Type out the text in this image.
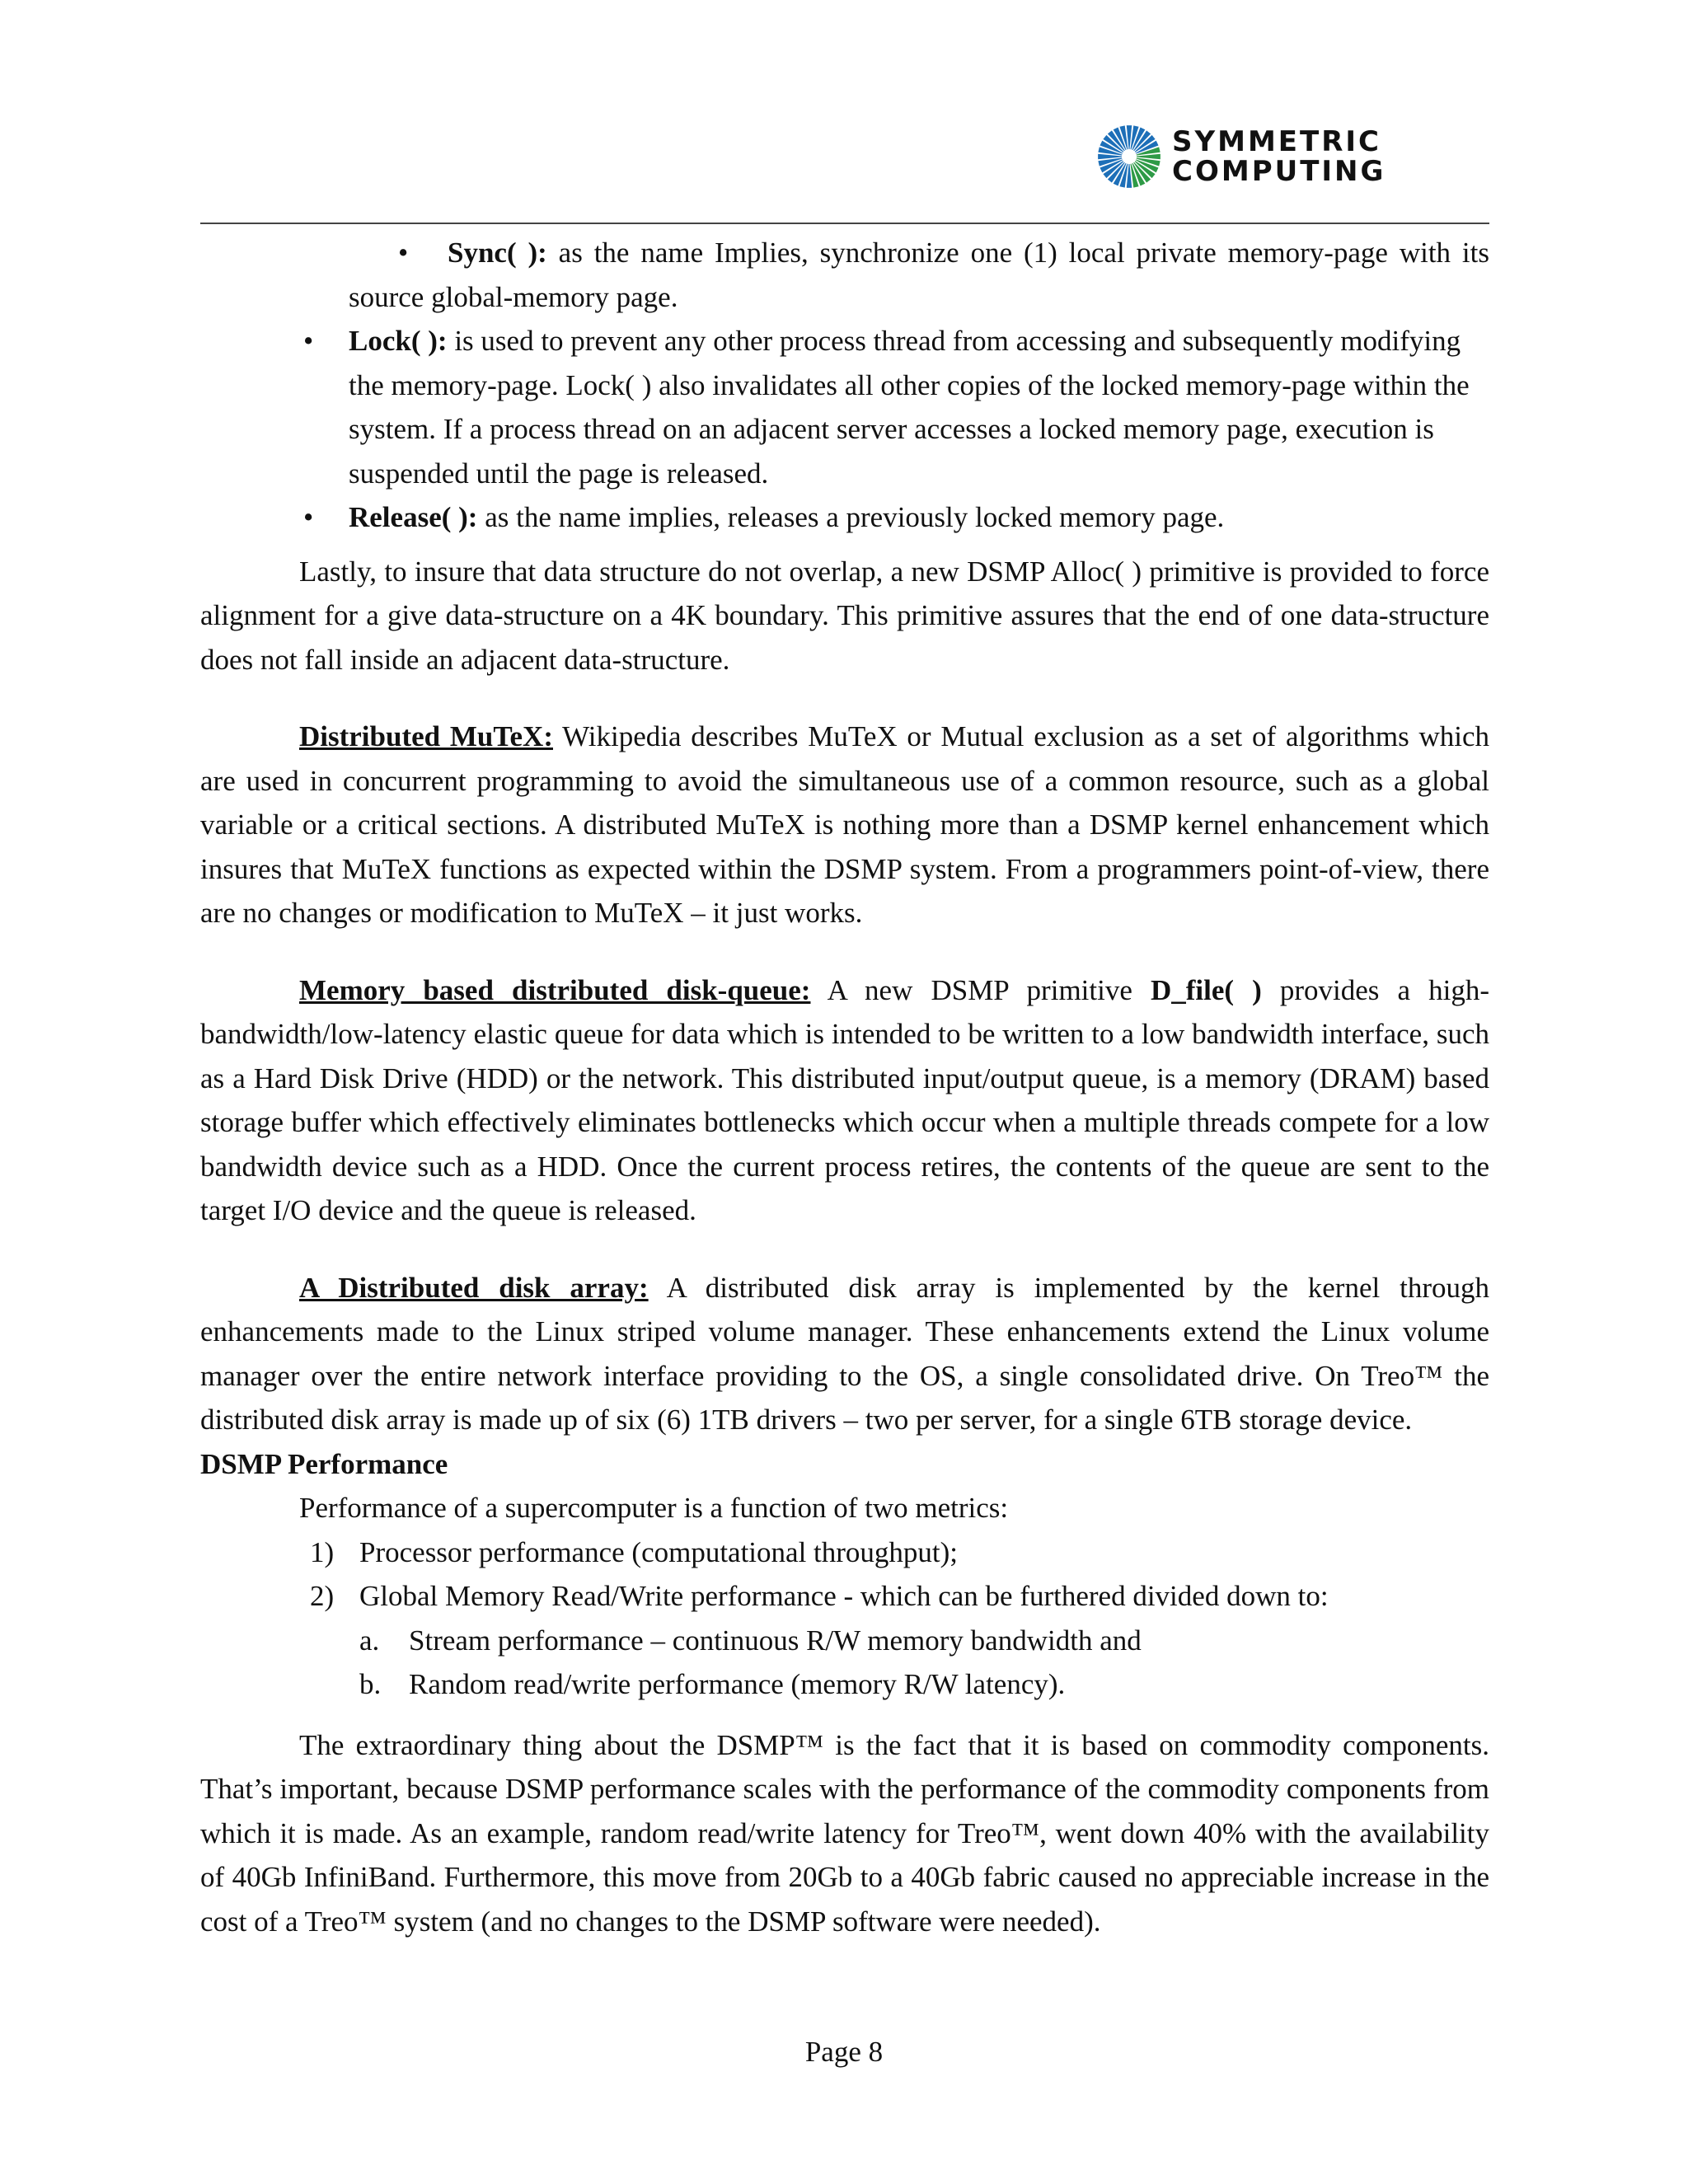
SYMMETRIC
COMPUTING
• Sync( ): as the name Implies, synchronize one (1) local private memory-page with its source global-memory page.
• Lock( ): is used to prevent any other process thread from accessing and subsequently modifying the memory-page. Lock( ) also invalidates all other copies of the locked memory-page within the system. If a process thread on an adjacent server accesses a locked memory page, execution is suspended until the page is released.
• Release( ): as the name implies, releases a previously locked memory page.

Lastly, to insure that data structure do not overlap, a new DSMP Alloc( ) primitive is provided to force alignment for a give data-structure on a 4K boundary. This primitive assures that the end of one data-structure does not fall inside an adjacent data-structure.

Distributed MuTeX: Wikipedia describes MuTeX or Mutual exclusion as a set of algorithms which are used in concurrent programming to avoid the simultaneous use of a common resource, such as a global variable or a critical sections. A distributed MuTeX is nothing more than a DSMP kernel enhancement which insures that MuTeX functions as expected within the DSMP system. From a programmers point-of-view, there are no changes or modification to MuTeX – it just works.

Memory based distributed disk-queue: A new DSMP primitive D_file( ) provides a high-bandwidth/low-latency elastic queue for data which is intended to be written to a low bandwidth interface, such as a Hard Disk Drive (HDD) or the network. This distributed input/output queue, is a memory (DRAM) based storage buffer which effectively eliminates bottlenecks which occur when a multiple threads compete for a low bandwidth device such as a HDD. Once the current process retires, the contents of the queue are sent to the target I/O device and the queue is released.

A Distributed disk array: A distributed disk array is implemented by the kernel through enhancements made to the Linux striped volume manager. These enhancements extend the Linux volume manager over the entire network interface providing to the OS, a single consolidated drive. On Treo™ the distributed disk array is made up of six (6) 1TB drivers – two per server, for a single 6TB storage device.

DSMP Performance

Performance of a supercomputer is a function of two metrics:

1) Processor performance (computational throughput);
2) Global Memory Read/Write performance - which can be furthered divided down to:
a. Stream performance – continuous R/W memory bandwidth and
b. Random read/write performance (memory R/W latency).

The extraordinary thing about the DSMP™ is the fact that it is based on commodity components. That’s important, because DSMP performance scales with the performance of the commodity components from which it is made. As an example, random read/write latency for Treo™, went down 40% with the availability of 40Gb InfiniBand. Furthermore, this move from 20Gb to a 40Gb fabric caused no appreciable increase in the cost of a Treo™ system (and no changes to the DSMP software were needed).

Page 8
